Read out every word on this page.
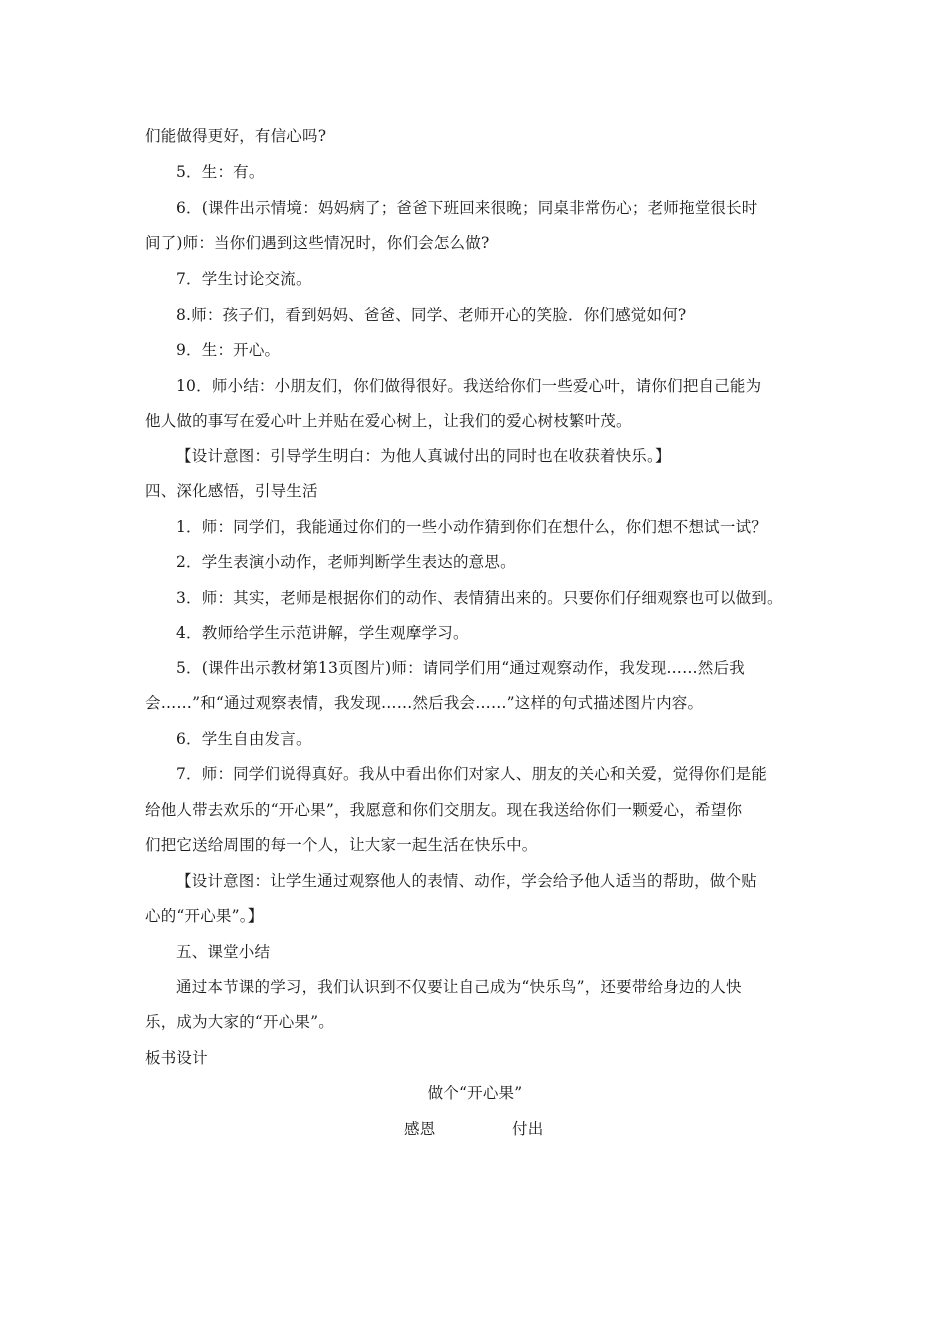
们能做得更好，有信心吗?
5．生：有。
6．(课件出示情境：妈妈病了；爸爸下班回来很晚；同桌非常伤心；老师拖堂很长时
间了)师：当你们遇到这些情况时，你们会怎么做?
7．学生讨论交流。
8.师：孩子们，看到妈妈、爸爸、同学、老师开心的笑脸．你们感觉如何?
9．生：开心。
10．师小结：小朋友们，你们做得很好。我送给你们一些爱心叶，请你们把自己能为
他人做的事写在爱心叶上并贴在爱心树上，让我们的爱心树枝繁叶茂。
【设计意图：引导学生明白：为他人真诚付出的同时也在收获着快乐。】
四、深化感悟，引导生活
1．师：同学们，我能通过你们的一些小动作猜到你们在想什么，你们想不想试一试？
2．学生表演小动作，老师判断学生表达的意思。
3．师：其实，老师是根据你们的动作、表情猜出来的。只要你们仔细观察也可以做到。
4．教师给学生示范讲解，学生观摩学习。
5．(课件出示教材第13页图片)师：请同学们用“通过观察动作，我发现……然后我
会……”和“通过观察表情，我发现……然后我会……”这样的句式描述图片内容。
6．学生自由发言。
7．师：同学们说得真好。我从中看出你们对家人、朋友的关心和关爱，觉得你们是能
给他人带去欢乐的“开心果”，我愿意和你们交朋友。现在我送给你们一颗爱心，希望你
们把它送给周围的每一个人，让大家一起生活在快乐中。
【设计意图：让学生通过观察他人的表情、动作，学会给予他人适当的帮助，做个贴
心的“开心果”。】
五、课堂小结
通过本节课的学习，我们认识到不仅要让自己成为“快乐鸟”，还要带给身边的人快
乐，成为大家的“开心果”。
板书设计
做个“开心果”
感恩	付出
